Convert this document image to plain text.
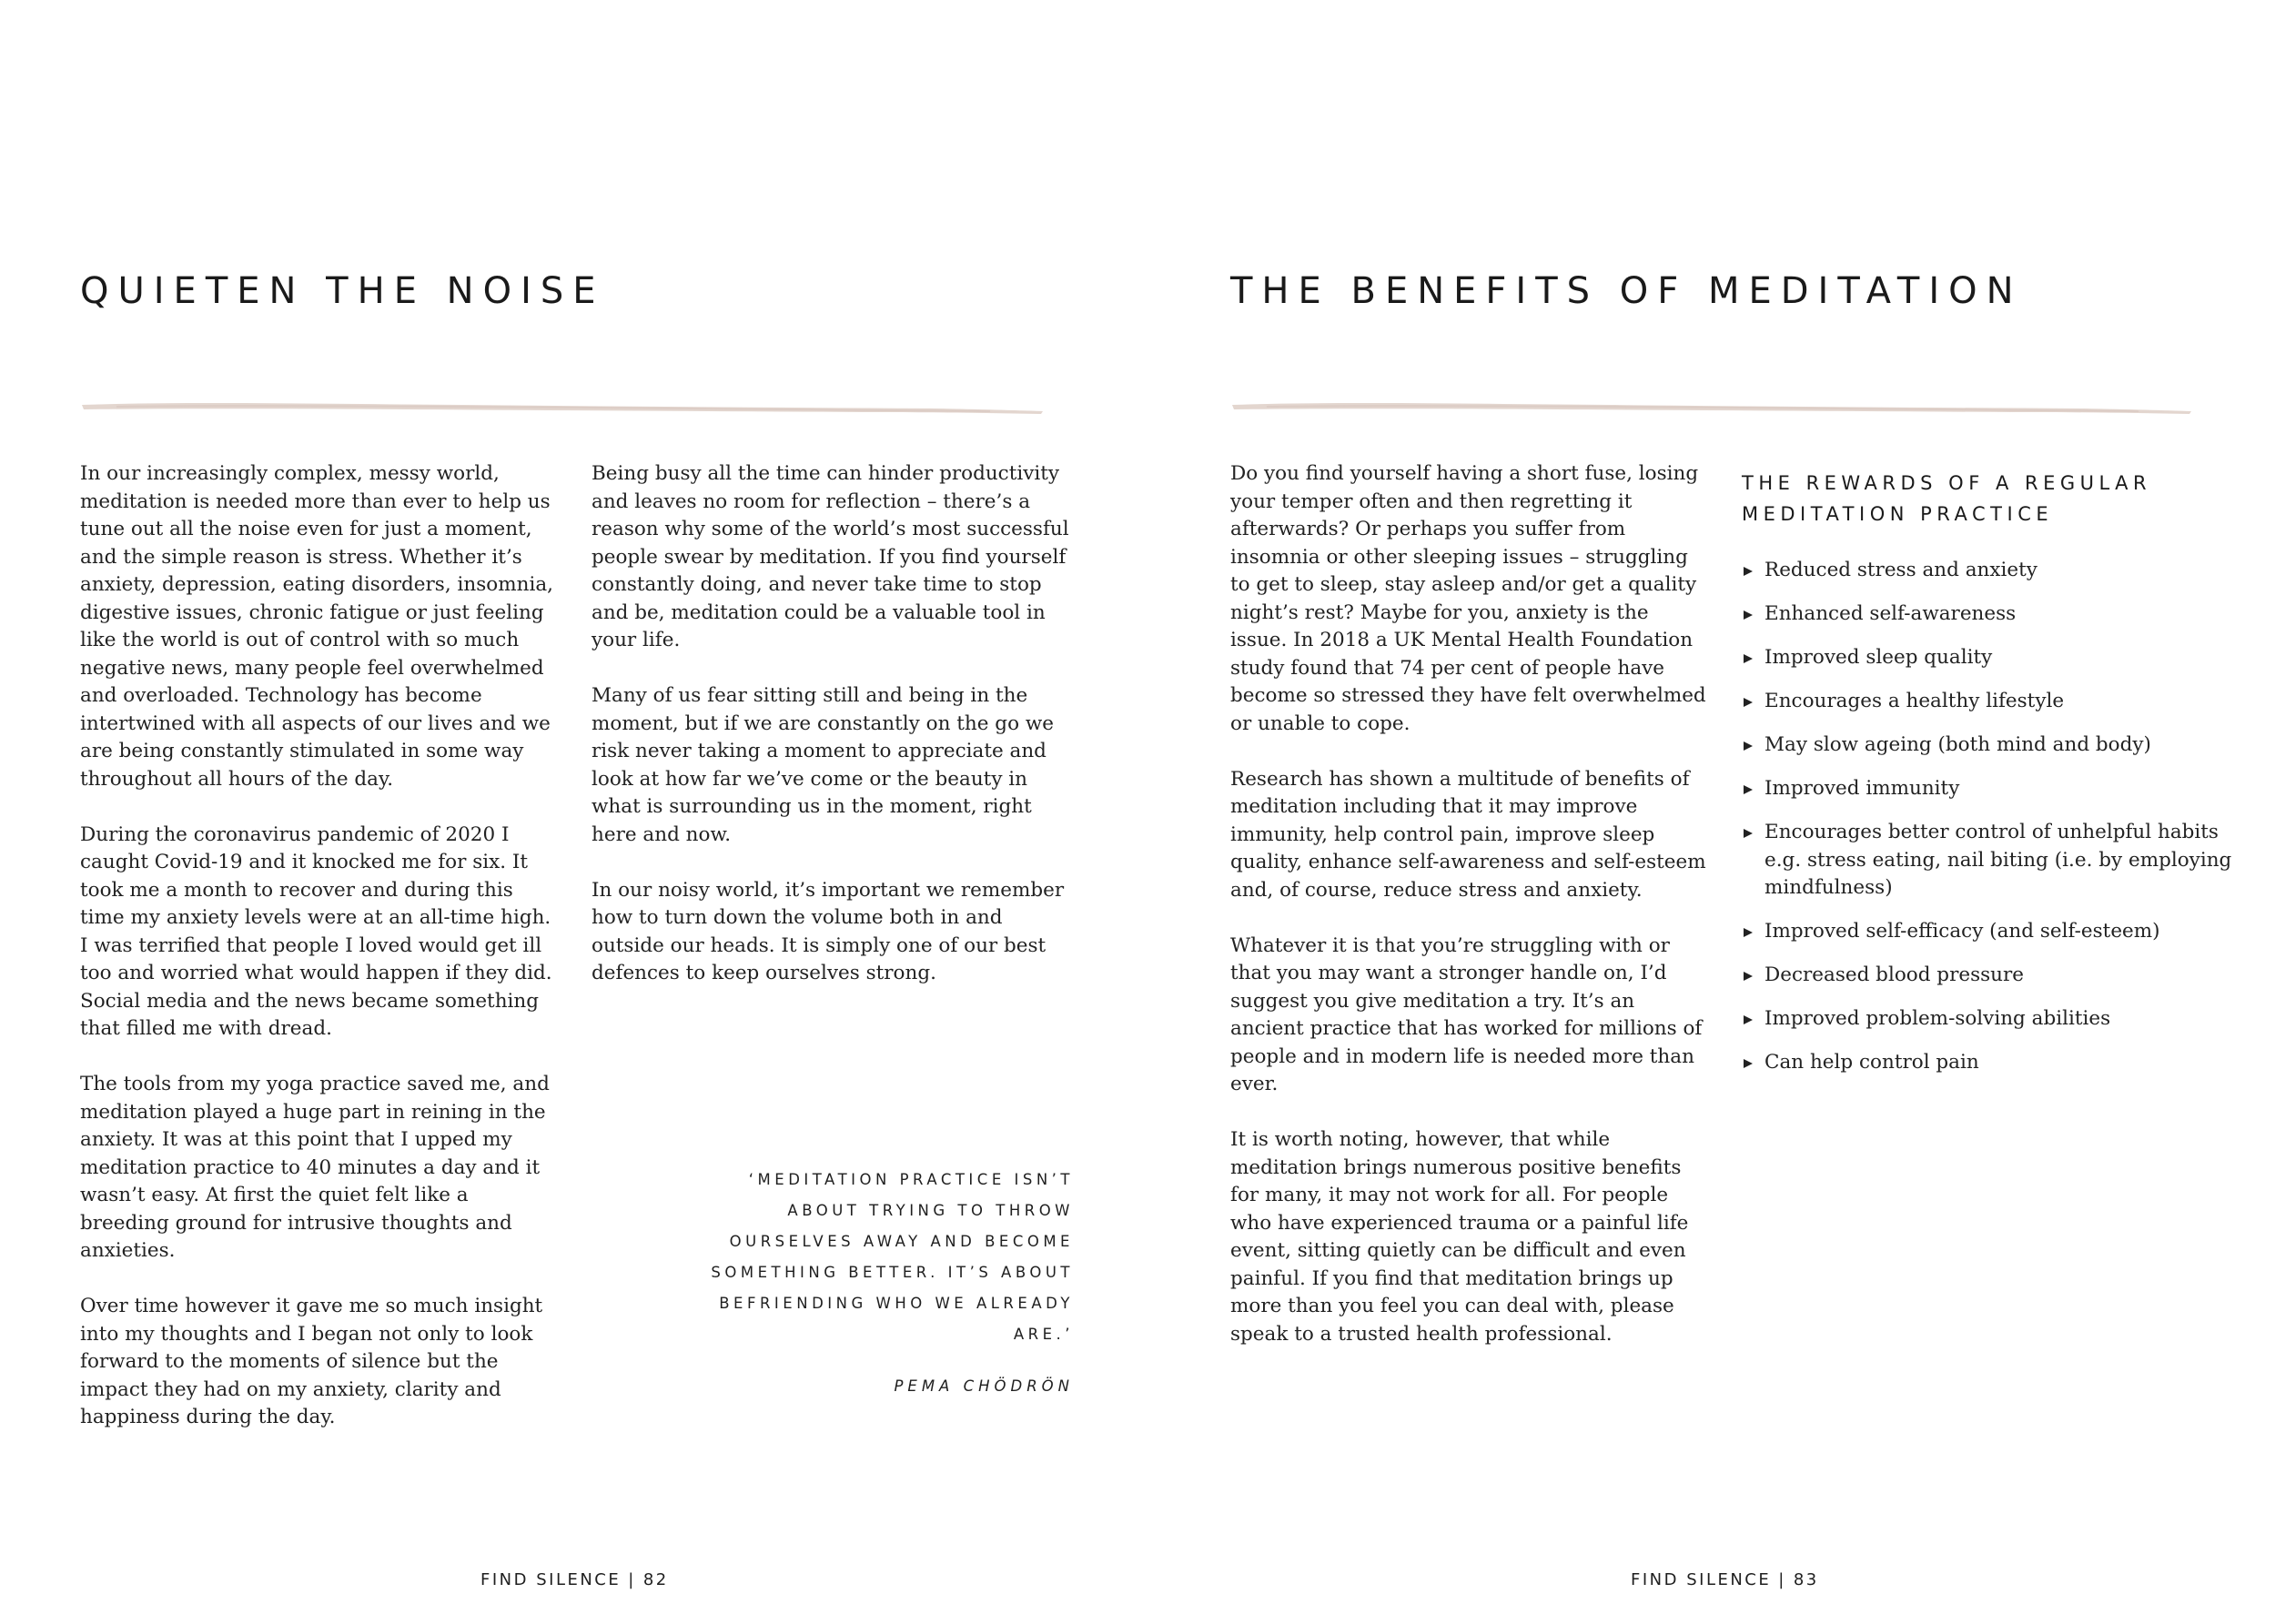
QUIETEN THE NOISE

In our increasingly complex, messy world, meditation is needed more than ever to help us tune out all the noise even for just a moment, and the simple reason is stress. Whether it’s anxiety, depression, eating disorders, insomnia, digestive issues, chronic fatigue or just feeling like the world is out of control with so much negative news, many people feel overwhelmed and overloaded. Technology has become intertwined with all aspects of our lives and we are being constantly stimulated in some way throughout all hours of the day.

During the coronavirus pandemic of 2020 I caught Covid-19 and it knocked me for six. It took me a month to recover and during this time my anxiety levels were at an all-time high. I was terrified that people I loved would get ill too and worried what would happen if they did. Social media and the news became something that filled me with dread.

The tools from my yoga practice saved me, and meditation played a huge part in reining in the anxiety. It was at this point that I upped my meditation practice to 40 minutes a day and it wasn’t easy. At first the quiet felt like a breeding ground for intrusive thoughts and anxieties.

Over time however it gave me so much insight into my thoughts and I began not only to look forward to the moments of silence but the impact they had on my anxiety, clarity and happiness during the day.

Being busy all the time can hinder productivity and leaves no room for reflection – there’s a reason why some of the world’s most successful people swear by meditation. If you find yourself constantly doing, and never take time to stop and be, meditation could be a valuable tool in your life.

Many of us fear sitting still and being in the moment, but if we are constantly on the go we risk never taking a moment to appreciate and look at how far we’ve come or the beauty in what is surrounding us in the moment, right here and now.

In our noisy world, it’s important we remember how to turn down the volume both in and outside our heads. It is simply one of our best defences to keep ourselves strong.

‘MEDITATION PRACTICE ISN’T ABOUT TRYING TO THROW OURSELVES AWAY AND BECOME SOMETHING BETTER. IT’S ABOUT BEFRIENDING WHO WE ALREADY ARE.’
PEMA CHÖDRÖN
FIND SILENCE | 82
THE BENEFITS OF MEDITATION

Do you find yourself having a short fuse, losing your temper often and then regretting it afterwards? Or perhaps you suffer from insomnia or other sleeping issues – struggling to get to sleep, stay asleep and/or get a quality night’s rest? Maybe for you, anxiety is the issue. In 2018 a UK Mental Health Foundation study found that 74 per cent of people have become so stressed they have felt overwhelmed or unable to cope.

Research has shown a multitude of benefits of meditation including that it may improve immunity, help control pain, improve sleep quality, enhance self-awareness and self-esteem and, of course, reduce stress and anxiety.

Whatever it is that you’re struggling with or that you may want a stronger handle on, I’d suggest you give meditation a try. It’s an ancient practice that has worked for millions of people and in modern life is needed more than ever.

It is worth noting, however, that while meditation brings numerous positive benefits for many, it may not work for all. For people who have experienced trauma or a painful life event, sitting quietly can be difficult and even painful. If you find that meditation brings up more than you feel you can deal with, please speak to a trusted health professional.

THE REWARDS OF A REGULAR
MEDITATION PRACTICE
Reduced stress and anxiety
Enhanced self-awareness
Improved sleep quality
Encourages a healthy lifestyle
May slow ageing (both mind and body)
Improved immunity
Encourages better control of unhelpful habits e.g. stress eating, nail biting (i.e. by employing mindfulness)
Improved self-efficacy (and self-esteem)
Decreased blood pressure
Improved problem-solving abilities
Can help control pain
FIND SILENCE | 83
